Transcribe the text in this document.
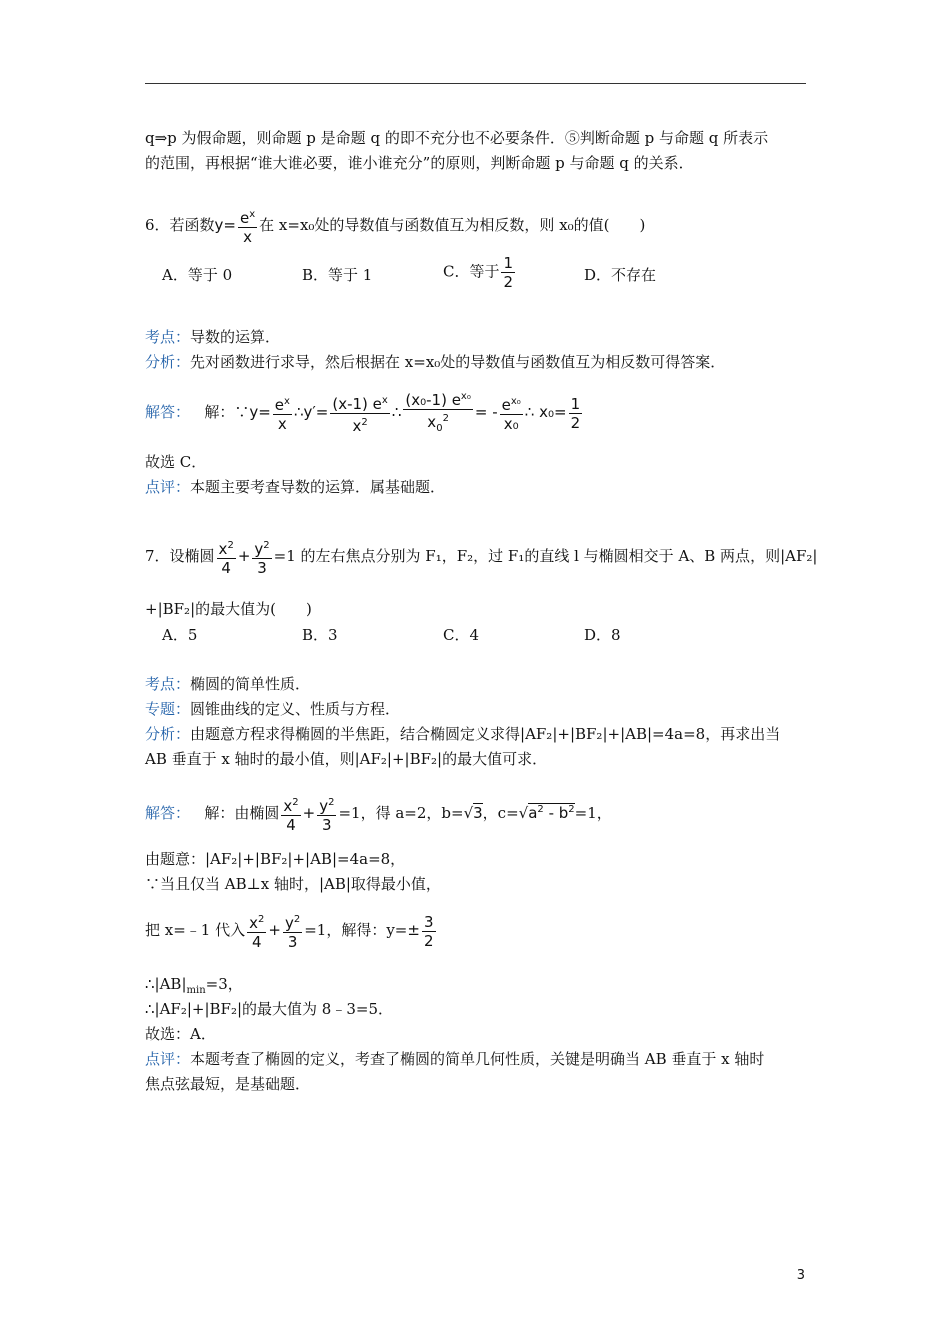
q⇒p 为假命题，则命题 p 是命题 q 的即不充分也不必要条件．⑤判断命题 p 与命题 q 所表示
的范围，再根据“谁大谁必要，谁小谁充分”的原则，判断命题 p 与命题 q 的关系．
6．若函数$y= \frac{e^x}{x}$ 在 x=x₀处的导数值与函数值互为相反数，则 x₀的值(　　)
A．等于 0	B．等于 1	C．等于 $\frac{1}{2}$	D．不存在
考点：导数的运算．
分析：先对函数进行求导，然后根据在 x=x₀处的导数值与函数值互为相反数可得答案．
解答： 解：∵y= $\frac{e^x}{x}$ ∴y′= $\frac{(x-1) e^x}{x^2}$ ∴ $\frac{(x_0-1) e^{x_0}}{x_0^2}$ = - $\frac{e^{x_0}}{\text{x₀}}$ ∴ $x_0= \frac{1}{2}$
故选 C．
点评：本题主要考查导数的运算．属基础题．
7．设椭圆 $\frac{x^2}{4} + \frac{y^2}{3} =1$ 的左右焦点分别为 F₁，F₂，过 F₁的直线 l 与椭圆相交于 A、B 两点，则|AF₂|
+|BF₂|的最大值为(　　)
A．5	B．3	C．4	D．8
考点：椭圆的简单性质．
专题：圆锥曲线的定义、性质与方程．
分析：由题意方程求得椭圆的半焦距，结合椭圆定义求得|AF₂|+|BF₂|+|AB|=4a=8，再求出当
AB 垂直于 x 轴时的最小值，则|AF₂|+|BF₂|的最大值可求．
解答： 解：由椭圆 $\frac{x^2}{4} + \frac{y^2}{3} =1$，得 a=2，b=√3，$c=√a^2 - b^2=1$，
由题意：|AF₂|+|BF₂|+|AB|=4a=8，
∵当且仅当 AB⊥x 轴时，|AB|取得最小值，
把 x=﹣1 代入 $\frac{x^2}{4} + \frac{y^2}{3} =1$，解得：$y=\pm \frac{3}{2}$
$\therefore|AB|_{min}=3$，
∴|AF₂|+|BF₂|的最大值为 8﹣3=5．
故选：A．
点评：本题考查了椭圆的定义，考查了椭圆的简单几何性质，关键是明确当 AB 垂直于 x 轴时
焦点弦最短，是基础题．
3
